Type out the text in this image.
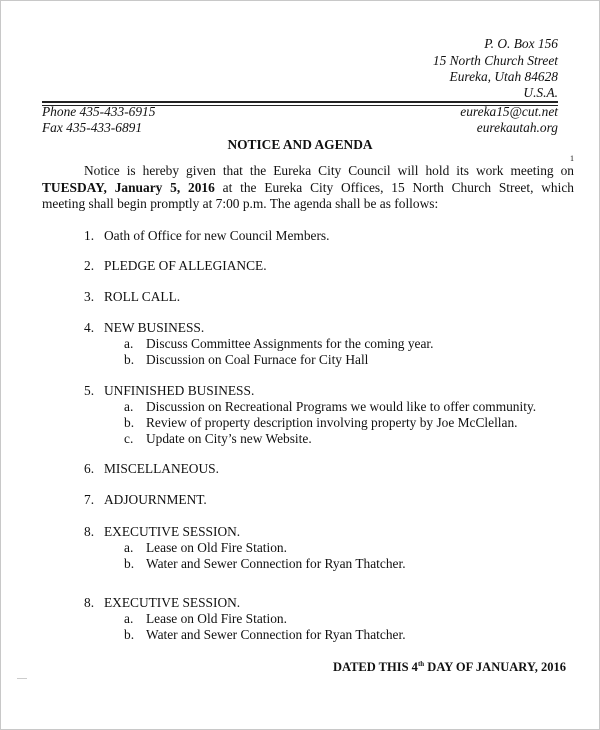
P. O. Box 156
15 North Church Street
Eureka, Utah 84628
U.S.A.
Phone 435-433-6915
Fax 435-433-6891
eureka15@cut.net
eurekautah.org
NOTICE AND AGENDA
1
Notice is hereby given that the Eureka City Council will hold its work meeting on
TUESDAY, January 5, 2016 at the Eureka City Offices, 15 North Church Street, which
meeting shall begin promptly at 7:00 p.m. The agenda shall be as follows:
1. Oath of Office for new Council Members.
2. PLEDGE OF ALLEGIANCE.
3. ROLL CALL.
4. NEW BUSINESS.
a. Discuss Committee Assignments for the coming year.
b. Discussion on Coal Furnace for City Hall
5. UNFINISHED BUSINESS.
a. Discussion on Recreational Programs we would like to offer community.
b. Review of property description involving property by Joe McClellan.
c. Update on City’s new Website.
6. MISCELLANEOUS.
7. ADJOURNMENT.
8. EXECUTIVE SESSION.
a. Lease on Old Fire Station.
b. Water and Sewer Connection for Ryan Thatcher.
8. EXECUTIVE SESSION.
a. Lease on Old Fire Station.
b. Water and Sewer Connection for Ryan Thatcher.
DATED THIS 4th DAY OF JANUARY, 2016
